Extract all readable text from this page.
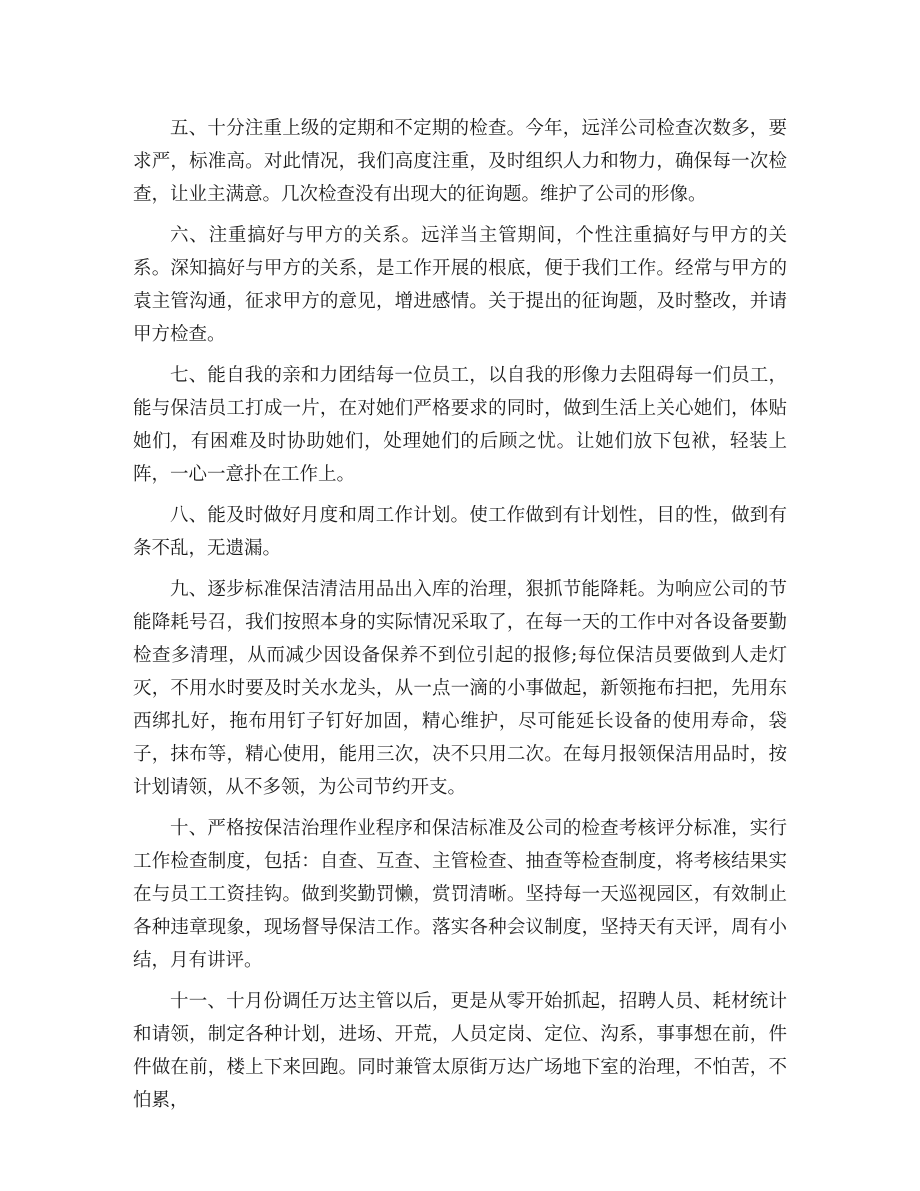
五、十分注重上级的定期和不定期的检查。今年，远洋公司检查次数多，要求严，标准高。对此情况，我们高度注重，及时组织人力和物力，确保每一次检查，让业主满意。几次检查没有出现大的征询题。维护了公司的形像。

六、注重搞好与甲方的关系。远洋当主管期间，个性注重搞好与甲方的关系。深知搞好与甲方的关系，是工作开展的根底，便于我们工作。经常与甲方的袁主管沟通，征求甲方的意见，增进感情。关于提出的征询题，及时整改，并请甲方检查。

七、能自我的亲和力团结每一位员工，以自我的形像力去阻碍每一们员工，能与保洁员工打成一片，在对她们严格要求的同时，做到生活上关心她们，体贴她们，有困难及时协助她们，处理她们的后顾之忧。让她们放下包袱，轻装上阵，一心一意扑在工作上。

八、能及时做好月度和周工作计划。使工作做到有计划性，目的性，做到有条不乱，无遗漏。

九、逐步标准保洁清洁用品出入库的治理，狠抓节能降耗。为响应公司的节能降耗号召，我们按照本身的实际情况采取了，在每一天的工作中对各设备要勤检查多清理，从而减少因设备保养不到位引起的报修;每位保洁员要做到人走灯灭，不用水时要及时关水龙头，从一点一滴的小事做起，新领拖布扫把，先用东西绑扎好，拖布用钉子钉好加固，精心维护，尽可能延长设备的使用寿命，袋子，抹布等，精心使用，能用三次，决不只用二次。在每月报领保洁用品时，按计划请领，从不多领，为公司节约开支。

十、严格按保洁治理作业程序和保洁标准及公司的检查考核评分标准，实行工作检查制度，包括：自查、互查、主管检查、抽查等检查制度，将考核结果实在与员工工资挂钩。做到奖勤罚懒，赏罚清晰。坚持每一天巡视园区，有效制止各种违章现象，现场督导保洁工作。落实各种会议制度，坚持天有天评，周有小结，月有讲评。

十一、十月份调任万达主管以后，更是从零开始抓起，招聘人员、耗材统计和请领，制定各种计划，进场、开荒，人员定岗、定位、沟系，事事想在前，件件做在前，楼上下来回跑。同时兼管太原街万达广场地下室的治理，不怕苦，不怕累，
